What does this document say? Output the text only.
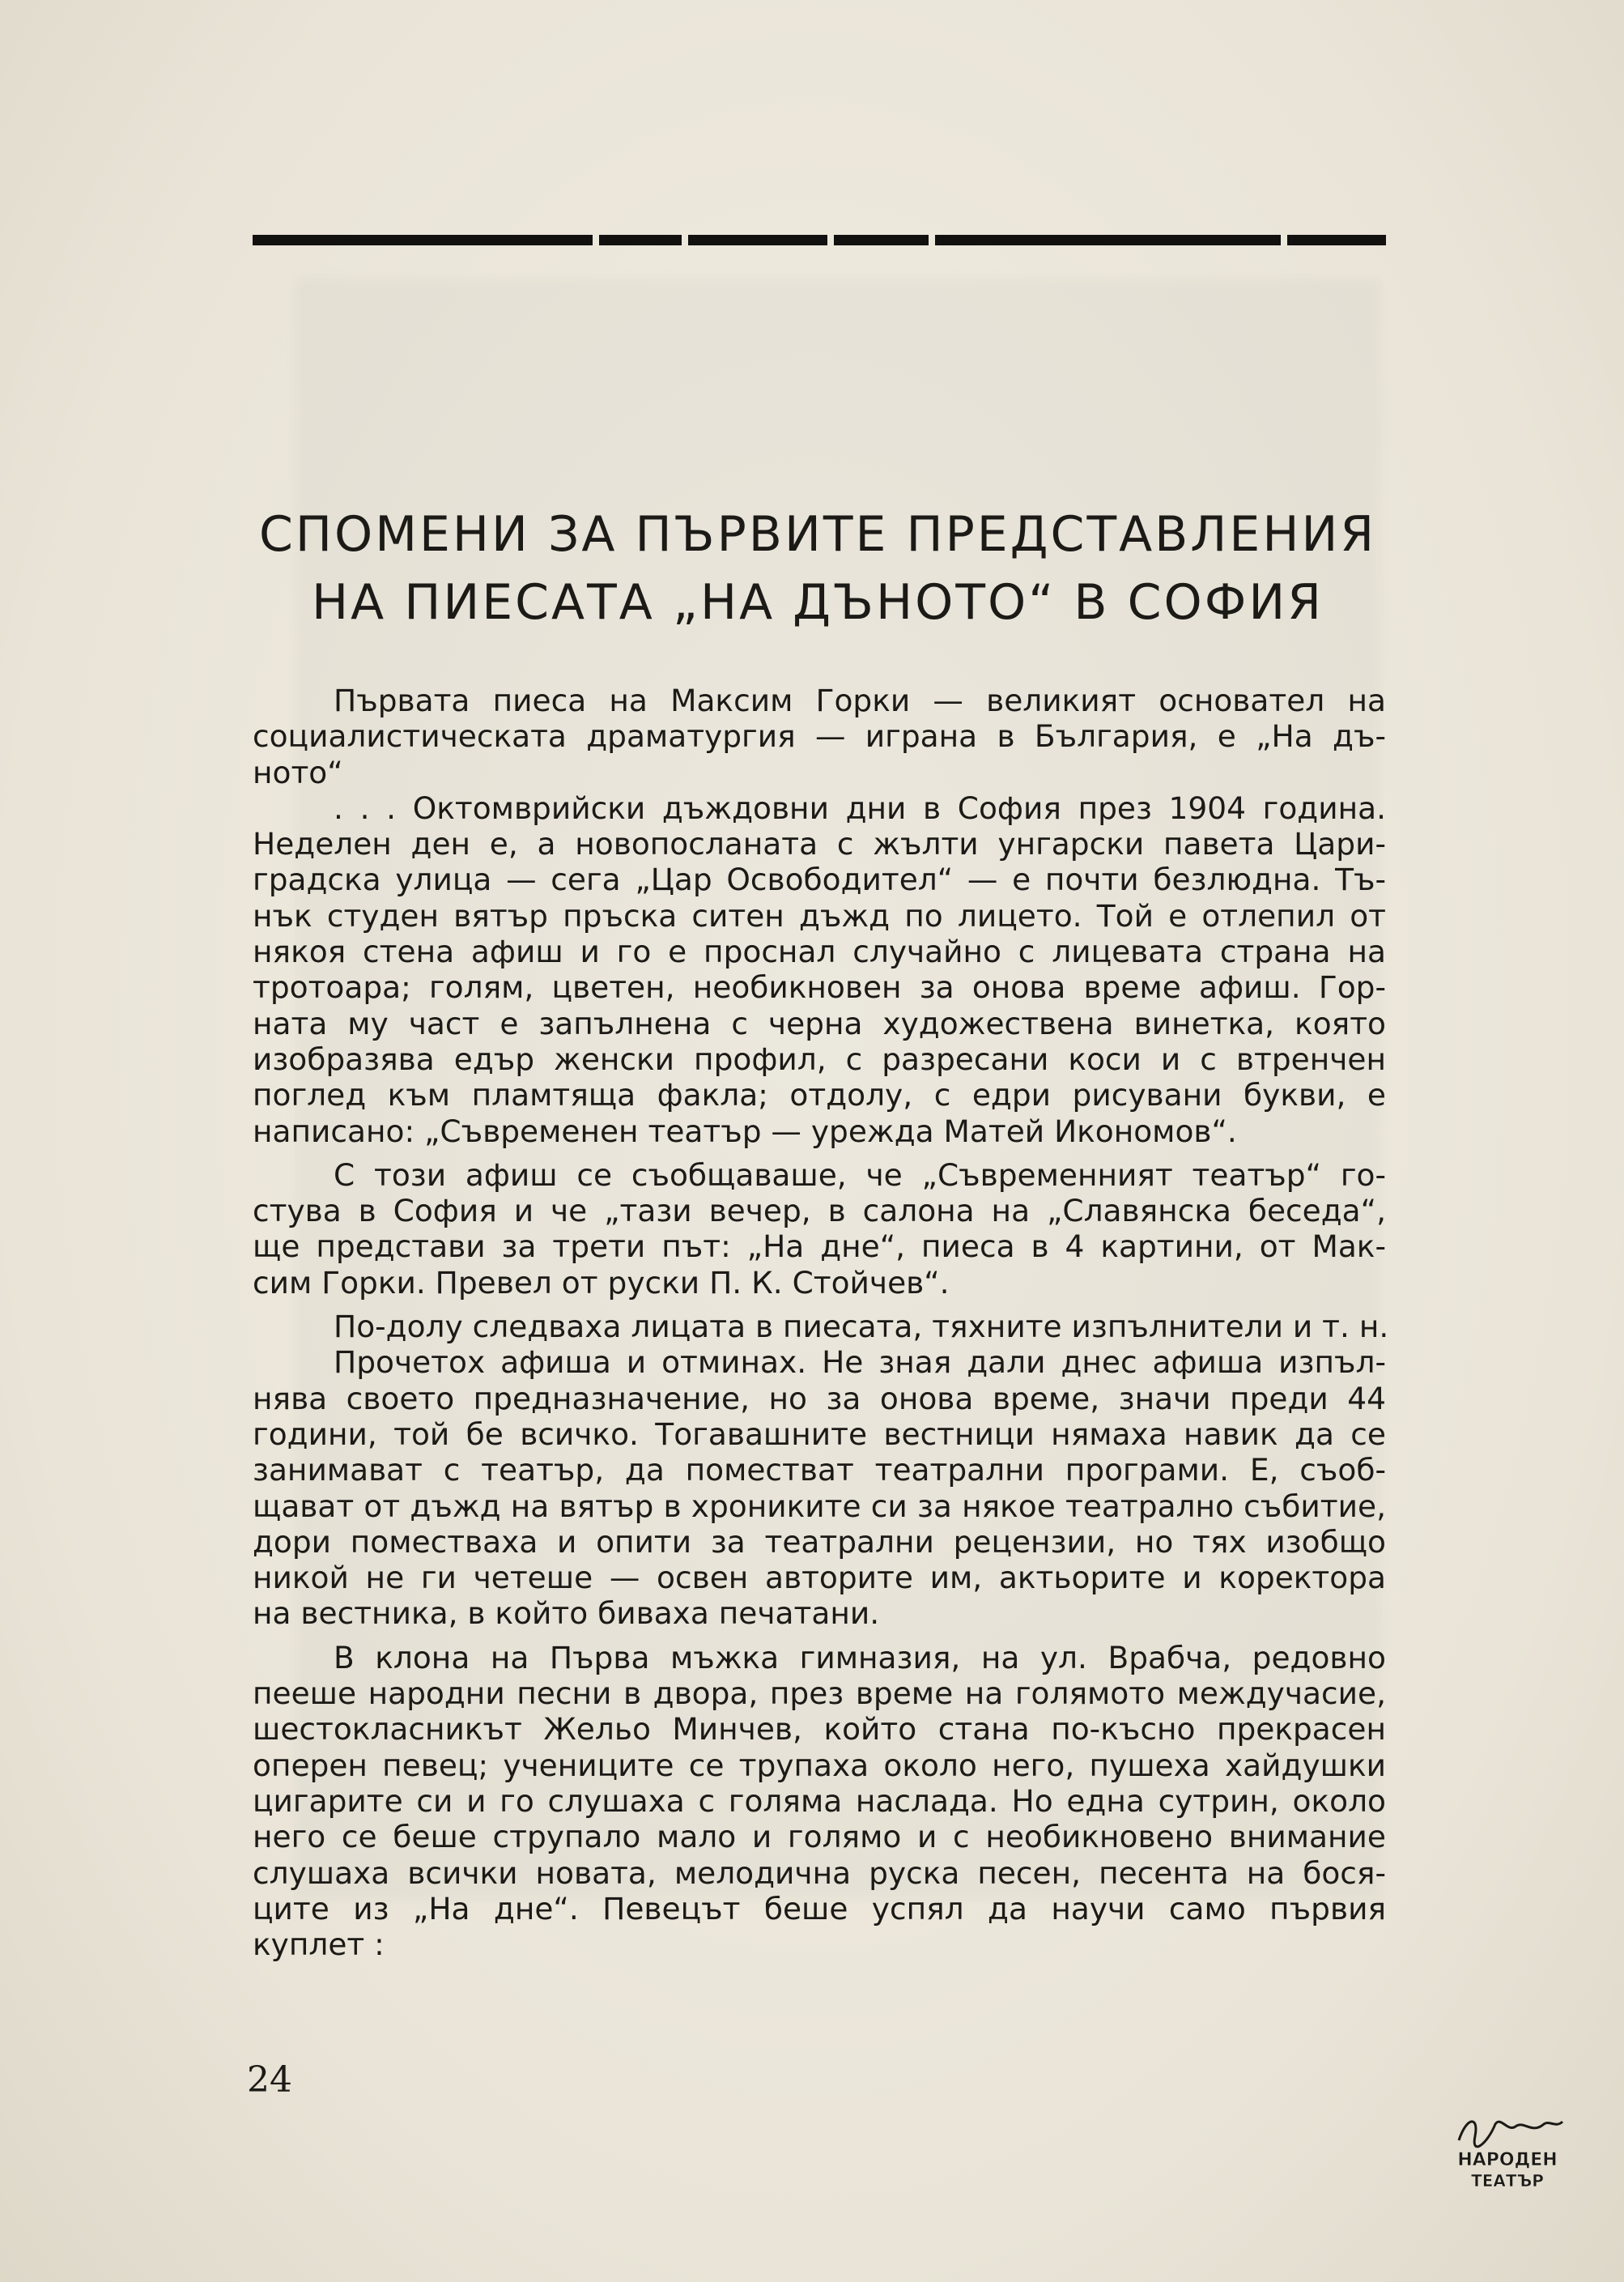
СПОМЕНИ ЗА ПЪРВИТЕ ПРЕДСТАВЛЕНИЯ
НА ПИЕСАТА „НА ДЪНОТО“ В СОФИЯ
Първата пиеса на Максим Горки — великият основател на
социалистическата драматургия — играна в България, е „На дъ-
ното“
. . . Октомврийски дъждовни дни в София през 1904 година.
Неделен ден е, а новопосланата с жълти унгарски павета Цари-
градска улица — сега „Цар Освободител“ — е почти безлюдна. Тъ-
нък студен вятър пръска ситен дъжд по лицето. Той е отлепил от
някоя стена афиш и го е проснал случайно с лицевата страна на
тротоара; голям, цветен, необикновен за онова време афиш. Гор-
ната му част е запълнена с черна художествена винетка, която
изобразява едър женски профил, с разресани коси и с втренчен
поглед към пламтяща факла; отдолу, с едри рисувани букви, е
написано: „Съвременен театър — урежда Матей Икономов“.
С този афиш се съобщаваше, че „Съвременният театър“ го-
стува в София и че „тази вечер, в салона на „Славянска беседа“,
ще представи за трети път: „На дне“, пиеса в 4 картини, от Мак-
сим Горки. Превел от руски П. К. Стойчев“.
По-долу следваха лицата в пиесата, тяхните изпълнители и т. н.
Прочетох афиша и отминах. Не зная дали днес афиша изпъл-
нява своето предназначение, но за онова време, значи преди 44
години, той бе всичко. Тогавашните вестници нямаха навик да се
занимават с театър, да поместват театрални програми. Е, съоб-
щават от дъжд на вятър в хрониките си за някое театрално събитие,
дори поместваха и опити за театрални рецензии, но тях изобщо
никой не ги четеше — освен авторите им, актьорите и коректора
на вестника, в който биваха печатани.
В клона на Първа мъжка гимназия, на ул. Врабча, редовно
пееше народни песни в двора, през време на голямото междучасие,
шестокласникът Жельо Минчев, който стана по-късно прекрасен
оперен певец; учениците се трупаха около него, пушеха хайдушки
цигарите си и го слушаха с голяма наслада. Но една сутрин, около
него се беше струпало мало и голямо и с необикновено внимание
слушаха всички новата, мелодична руска песен, песента на бося-
ците из „На дне“. Певецът беше успял да научи само първия
куплет :
24
НАРОДЕН
ТЕАТЪР
